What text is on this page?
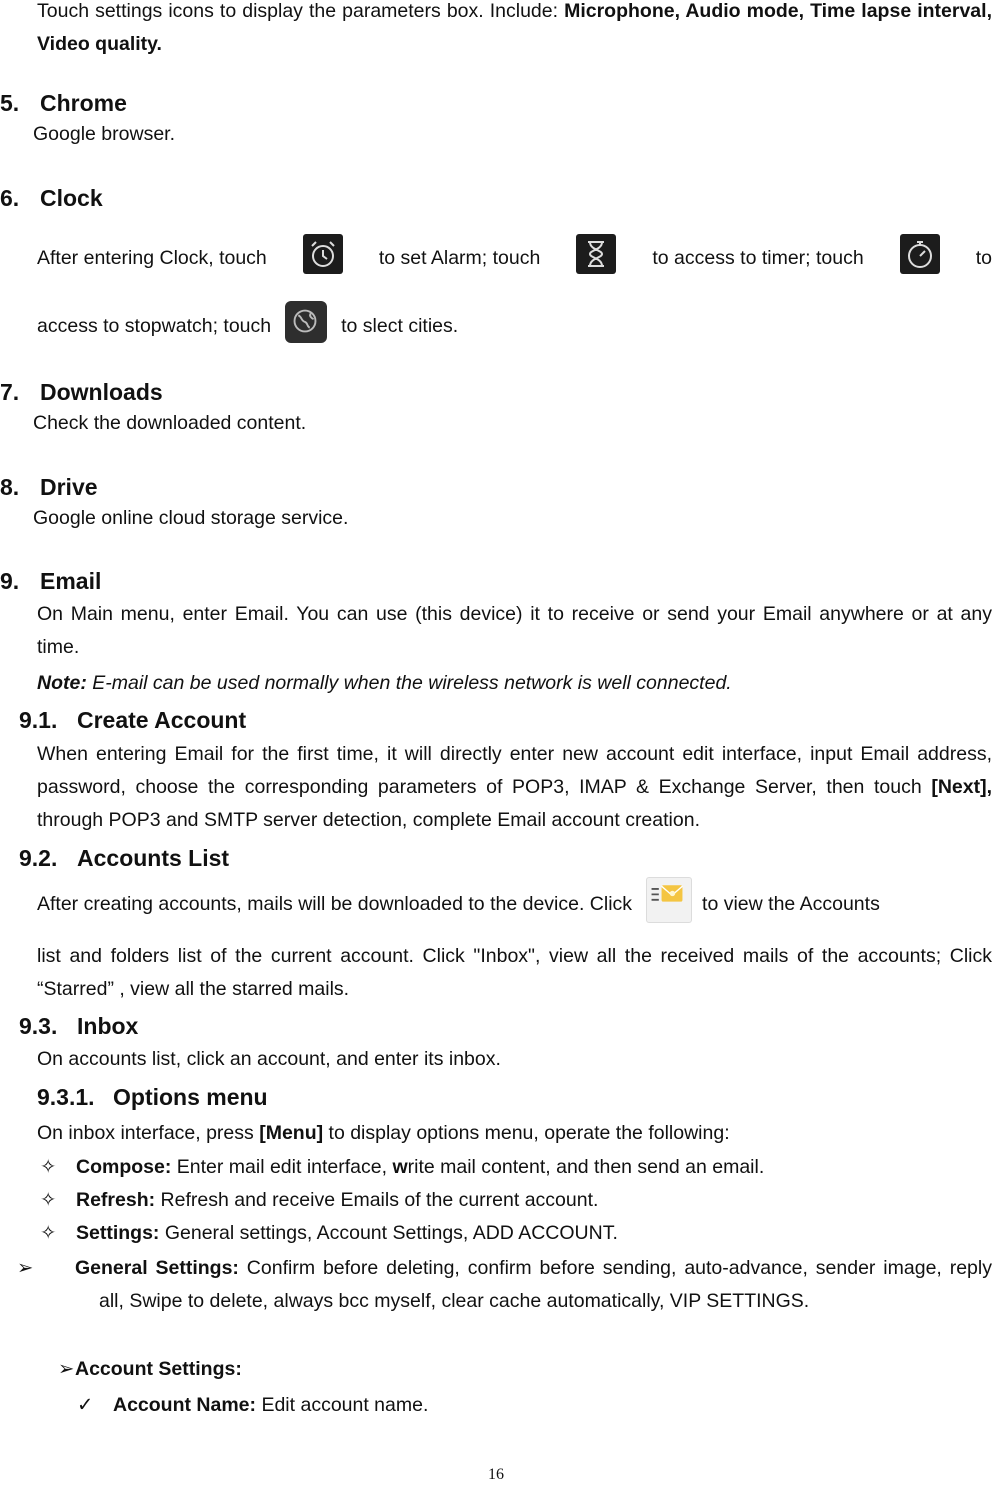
Touch settings icons to display the parameters box. Include: Microphone, Audio mode, Time lapse interval, Video quality.

5. Chrome
Google browser.
6. Clock
After entering Clock, touch	to set Alarm; touch	to access to timer; touch	to
access to stopwatch; touch	to slect cities.
7. Downloads
Check the downloaded content.
8. Drive
Google online cloud storage service.
9. Email

On Main menu, enter Email. You can use (this device) it to receive or send your Email anywhere or at any time.

Note: E-mail can be used normally when the wireless network is well connected.
9.1. Create Account

When entering Email for the first time, it will directly enter new account edit interface, input Email address, password, choose the corresponding parameters of POP3, IMAP & Exchange Server, then touch [Next], through POP3 and SMTP server detection, complete Email account creation.

9.2. Accounts List
After creating accounts, mails will be downloaded to the device. Click	to view the Accounts

list and folders list of the current account. Click "Inbox", view all the received mails of the accounts; Click “Starred” , view all the starred mails.

9.3. Inbox
On accounts list, click an account, and enter its inbox.
9.3.1. Options menu
On inbox interface, press [Menu] to display options menu, operate the following:
✧ Compose: Enter mail edit interface, write mail content, and then send an email.
✧ Refresh: Refresh and receive Emails of the current account.
✧ Settings: General settings, Account Settings, ADD ACCOUNT.

➢ General Settings: Confirm before deleting, confirm before sending, auto-advance, sender image, reply all, Swipe to delete, always bcc myself, clear cache automatically, VIP SETTINGS.

➢Account Settings:
✓ Account Name: Edit account name.
16
